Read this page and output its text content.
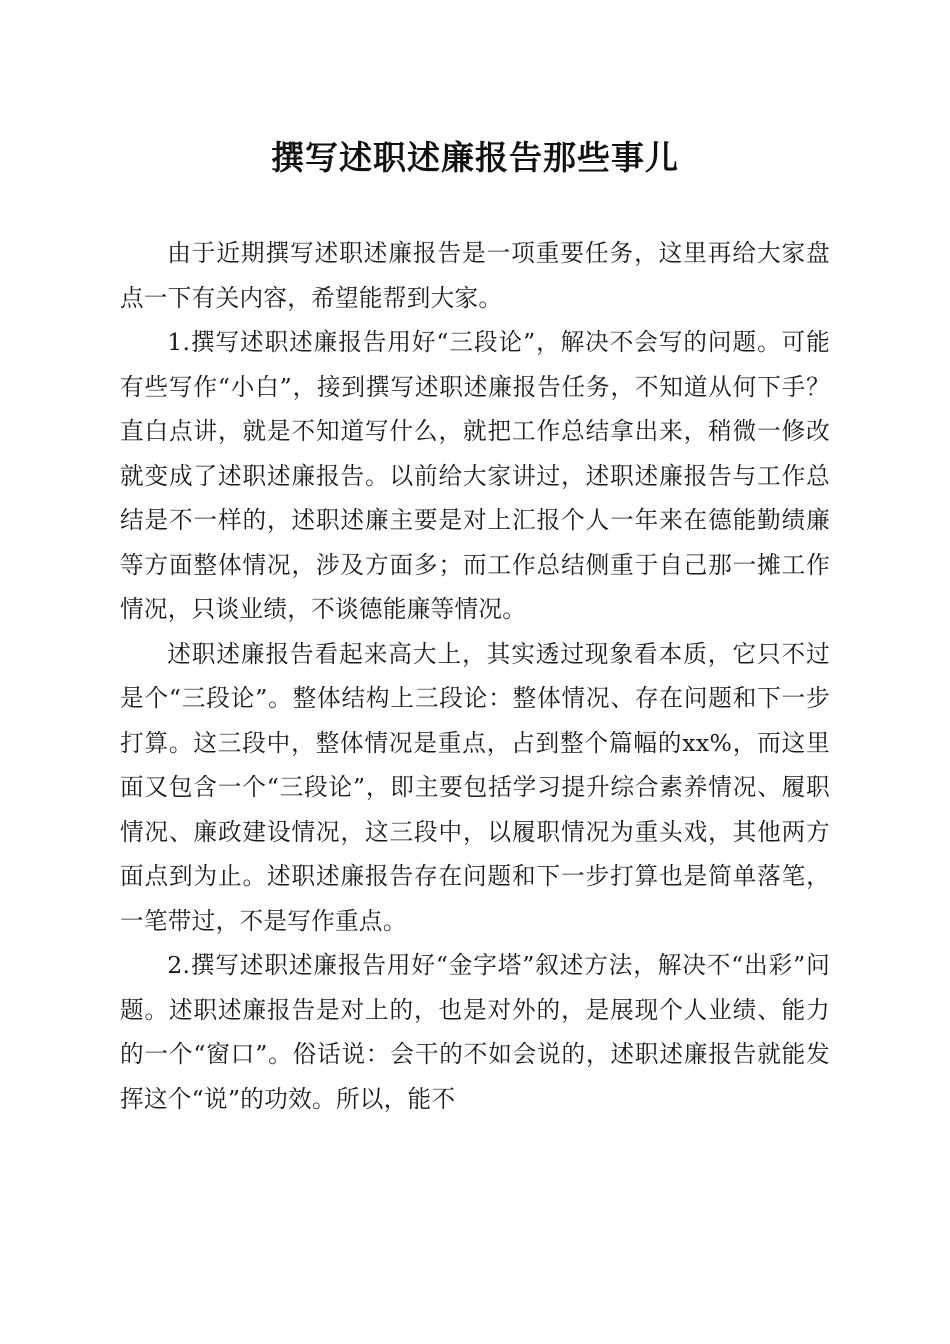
撰写述职述廉报告那些事儿

由于近期撰写述职述廉报告是一项重要任务，这里再给大家盘点一下有关内容，希望能帮到大家。

1.撰写述职述廉报告用好“三段论”，解决不会写的问题。可能有些写作“小白”，接到撰写述职述廉报告任务，不知道从何下手？直白点讲，就是不知道写什么，就把工作总结拿出来，稍微一修改就变成了述职述廉报告。以前给大家讲过，述职述廉报告与工作总结是不一样的，述职述廉主要是对上汇报个人一年来在德能勤绩廉等方面整体情况，涉及方面多；而工作总结侧重于自己那一摊工作情况，只谈业绩，不谈德能廉等情况。

述职述廉报告看起来高大上，其实透过现象看本质，它只不过是个“三段论”。整体结构上三段论：整体情况、存在问题和下一步打算。这三段中，整体情况是重点，占到整个篇幅的xx%，而这里面又包含一个“三段论”，即主要包括学习提升综合素养情况、履职情况、廉政建设情况，这三段中，以履职情况为重头戏，其他两方面点到为止。述职述廉报告存在问题和下一步打算也是简单落笔，一笔带过，不是写作重点。

2.撰写述职述廉报告用好“金字塔”叙述方法，解决不“出彩”问题。述职述廉报告是对上的，也是对外的，是展现个人业绩、能力的一个“窗口”。俗话说：会干的不如会说的，述职述廉报告就能发挥这个“说”的功效。所以，能不
